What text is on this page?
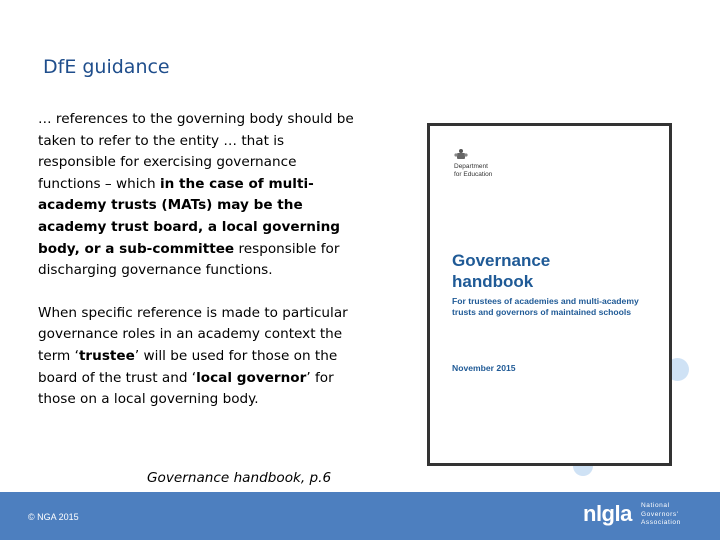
DfE guidance

… references to the governing body should be taken to refer to the entity … that is responsible for exercising governance functions – which in the case of multi-academy trusts (MATs) may be the academy trust board, a local governing body, or a sub-committee responsible for discharging governance functions.

When specific reference is made to particular governance roles in an academy context the term ‘trustee’ will be used for those on the board of the trust and ‘local governor’ for those on a local governing body.

Governance handbook, p.6
Department
for Education
Governance
handbook
For trustees of academies and multi-academy trusts and governors of maintained schools
November 2015
© NGA 2015	nlgla National
Governors'
Association
